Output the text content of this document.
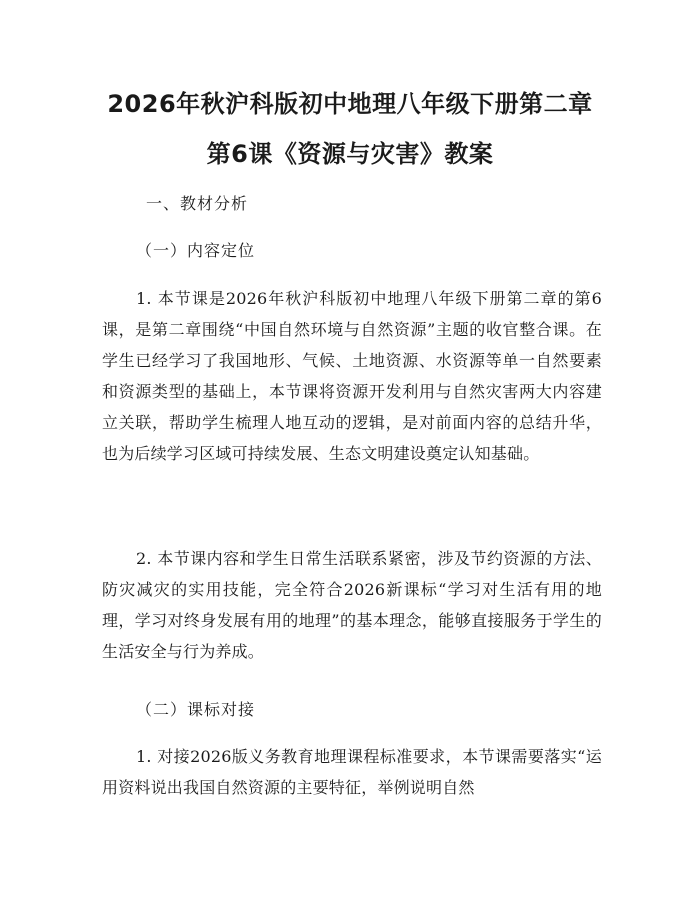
2026年秋沪科版初中地理八年级下册第二章
第6课《资源与灾害》教案
一、教材分析
（一）内容定位
1. 本节课是2026年秋沪科版初中地理八年级下册第二章的第6课，是第二章围绕“中国自然环境与自然资源”主题的收官整合课。在学生已经学习了我国地形、气候、土地资源、水资源等单一自然要素和资源类型的基础上，本节课将资源开发利用与自然灾害两大内容建立关联，帮助学生梳理人地互动的逻辑，是对前面内容的总结升华，也为后续学习区域可持续发展、生态文明建设奠定认知基础。
2. 本节课内容和学生日常生活联系紧密，涉及节约资源的方法、防灾减灾的实用技能，完全符合2026新课标“学习对生活有用的地理，学习对终身发展有用的地理”的基本理念，能够直接服务于学生的生活安全与行为养成。
（二）课标对接
1. 对接2026版义务教育地理课程标准要求，本节课需要落实“运用资料说出我国自然资源的主要特征，举例说明自然
